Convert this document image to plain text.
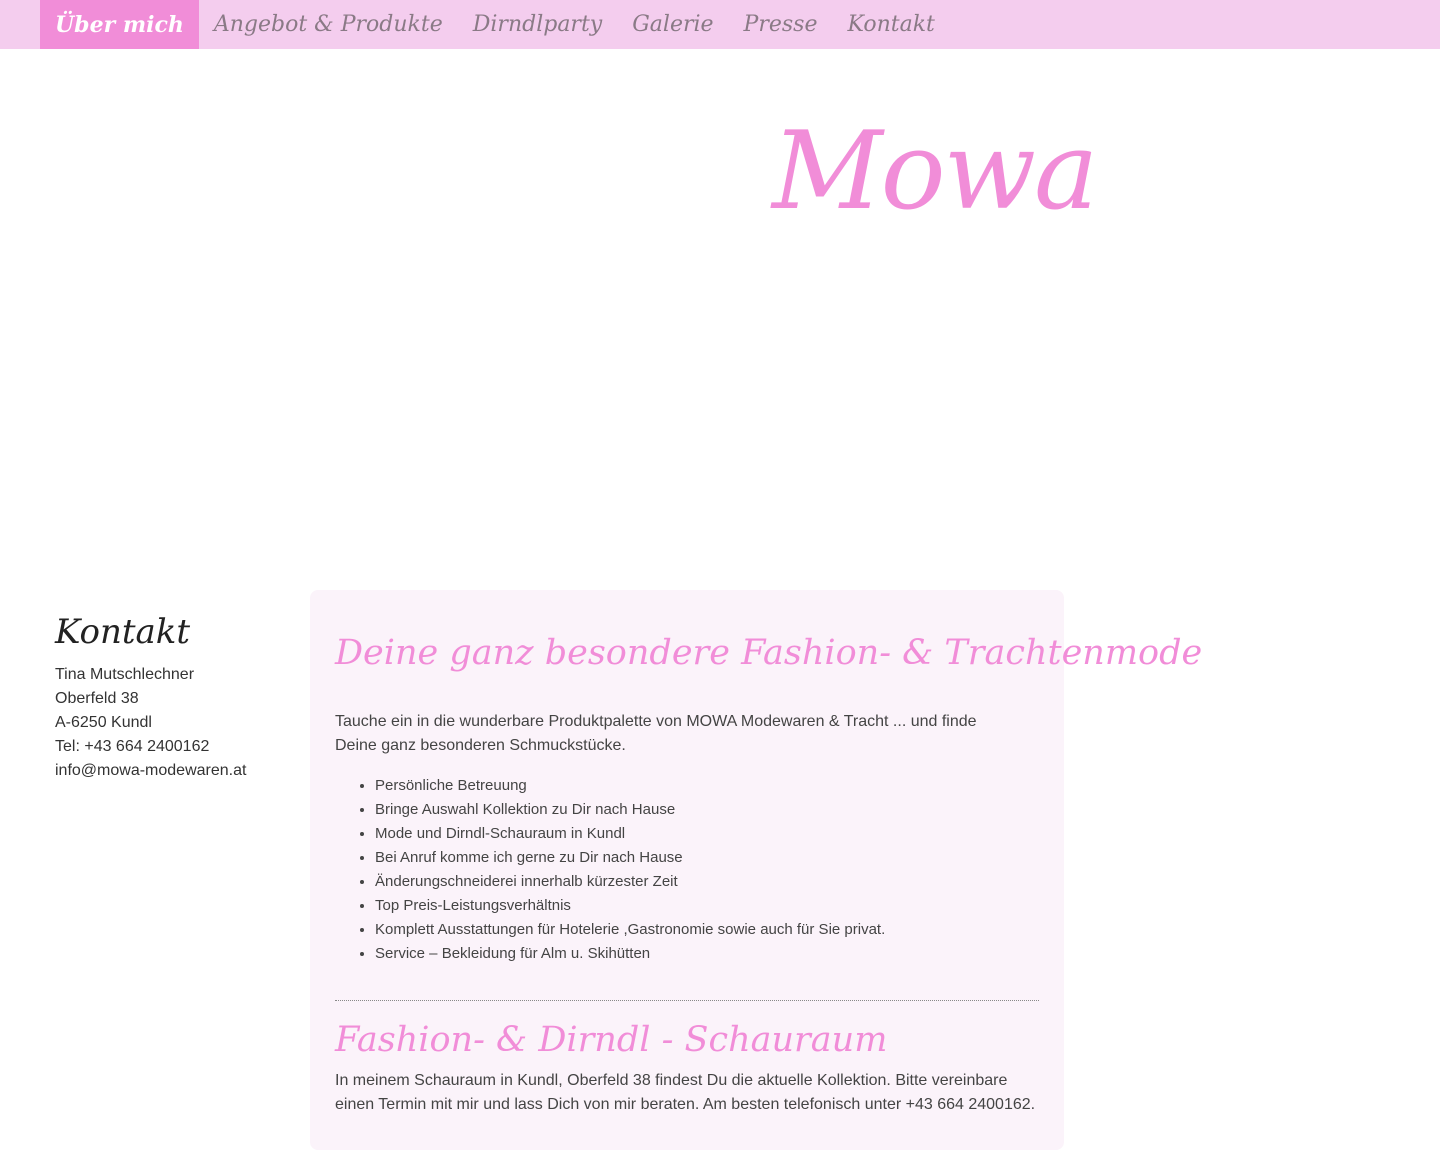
Über mich	Angebot & Produkte	Dirndlparty	Galerie	Presse	Kontakt
Mowa
Kontakt
Tina Mutschlechner
Oberfeld 38
A-6250 Kundl
Tel: +43 664 2400162
info@mowa-modewaren.at
Deine ganz besondere Fashion- & Trachtenmode

Tauche ein in die wunderbare Produktpalette von MOWA Modewaren & Tracht ... und finde Deine ganz besonderen Schmuckstücke.

• Persönliche Betreuung
• Bringe Auswahl Kollektion zu Dir nach Hause
• Mode und Dirndl-Schauraum in Kundl
• Bei Anruf komme ich gerne zu Dir nach Hause
• Änderungschneiderei innerhalb kürzester Zeit
• Top Preis-Leistungsverhältnis
• Komplett Ausstattungen für Hotelerie ,Gastronomie sowie auch für Sie privat.
• Service – Bekleidung für Alm u. Skihütten
Fashion- & Dirndl - Schauraum

In meinem Schauraum in Kundl, Oberfeld 38 findest Du die aktuelle Kollektion. Bitte vereinbare einen Termin mit mir und lass Dich von mir beraten. Am besten telefonisch unter +43 664 2400162.
